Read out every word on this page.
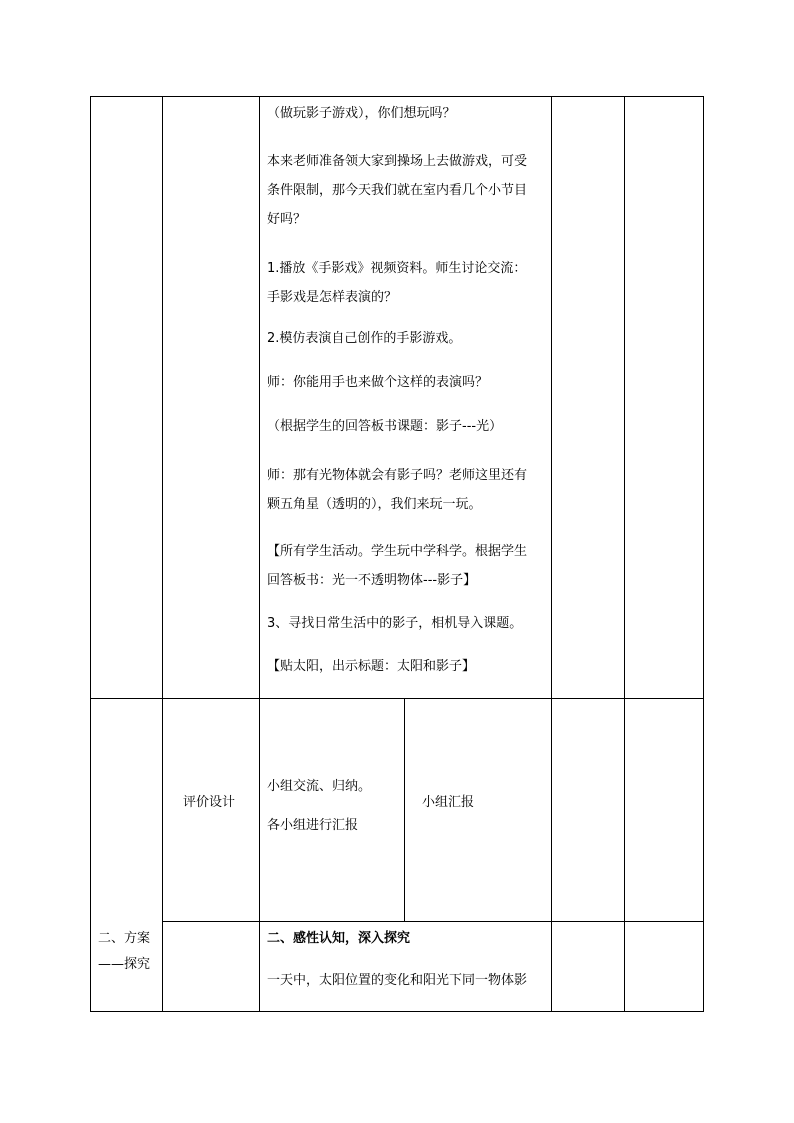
（做玩影子游戏），你们想玩吗？
本来老师准备领大家到操场上去做游戏，可受
条件限制，那今天我们就在室内看几个小节目
好吗？
1.播放《手影戏》视频资料。师生讨论交流：
手影戏是怎样表演的？
2.模仿表演自己创作的手影游戏。
师：你能用手也来做个这样的表演吗？
（根据学生的回答板书课题：影子---光）
师：那有光物体就会有影子吗？老师这里还有
颗五角星（透明的），我们来玩一玩。
【所有学生活动。学生玩中学科学。根据学生
回答板书：光一不透明物体---影子】
3、寻找日常生活中的影子，相机导入课题。
【贴太阳，出示标题：太阳和影子】
评价设计
小组交流、归纳。
各小组进行汇报
小组汇报
二、方案
——探究
二、感性认知，深入探究
一天中，太阳位置的变化和阳光下同一物体影
